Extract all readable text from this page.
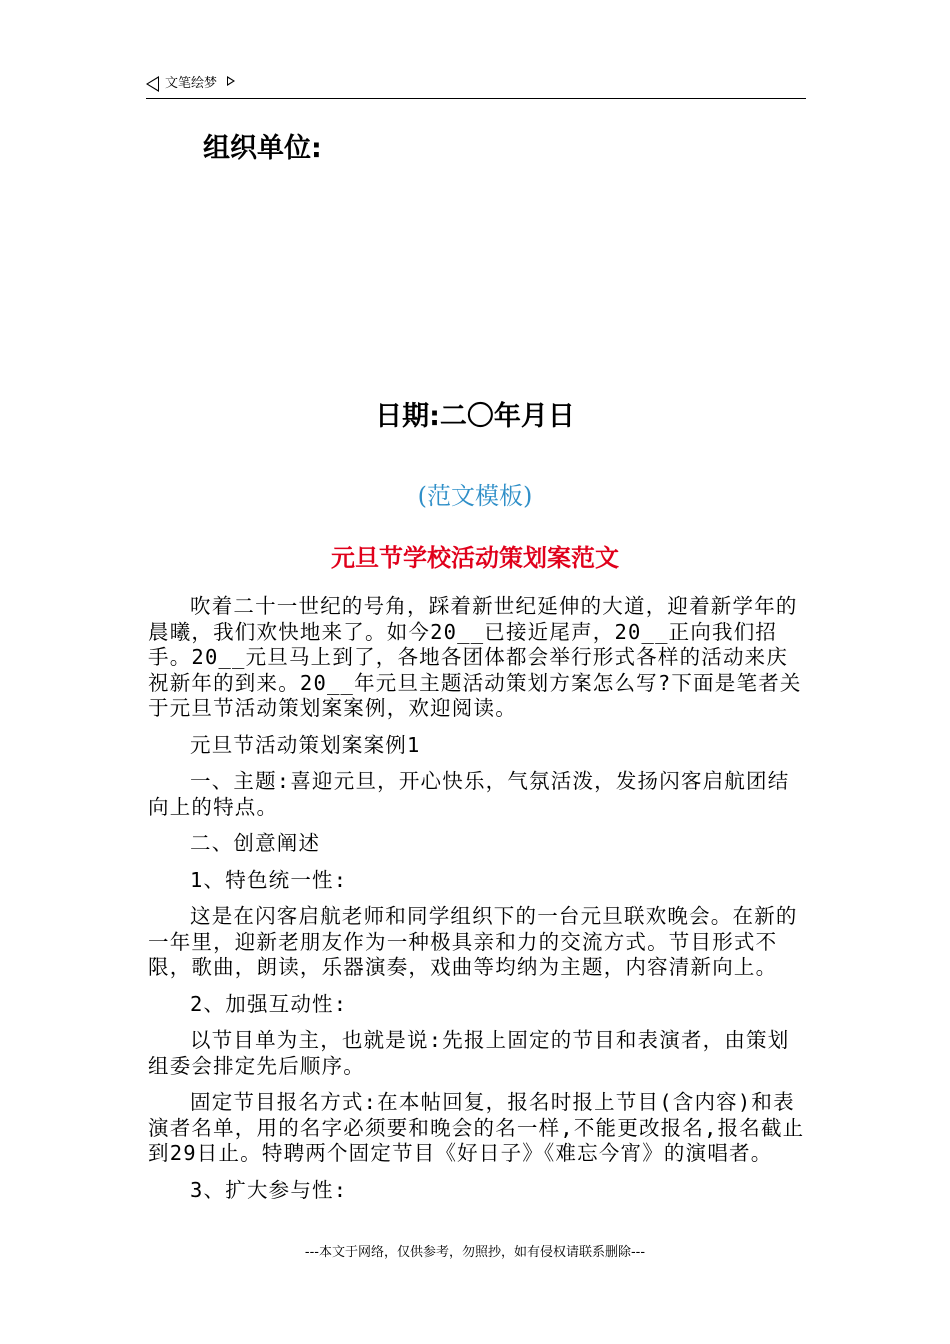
文笔绘梦
组织单位:
日期:二〇年月日
(范文模板)
元旦节学校活动策划案范文

吹着二十一世纪的号角，踩着新世纪延伸的大道，迎着新学年的晨曦，我们欢快地来了。如今20__已接近尾声，20__正向我们招手。20__元旦马上到了，各地各团体都会举行形式各样的活动来庆祝新年的到来。20__年元旦主题活动策划方案怎么写?下面是笔者关于元旦节活动策划案案例，欢迎阅读。

元旦节活动策划案案例1

一、主题:喜迎元旦，开心快乐，气氛活泼，发扬闪客启航团结向上的特点。

二、创意阐述

1、特色统一性:

这是在闪客启航老师和同学组织下的一台元旦联欢晚会。在新的一年里，迎新老朋友作为一种极具亲和力的交流方式。节目形式不限，歌曲，朗读，乐器演奏，戏曲等均纳为主题，内容清新向上。

2、加强互动性:

以节目单为主，也就是说:先报上固定的节目和表演者，由策划组委会排定先后顺序。

固定节目报名方式:在本帖回复，报名时报上节目(含内容)和表演者名单，用的名字必须要和晚会的名一样,不能更改报名,报名截止到29日止。特聘两个固定节目《好日子》《难忘今宵》的演唱者。

3、扩大参与性:

---本文于网络，仅供参考，勿照抄，如有侵权请联系删除---
